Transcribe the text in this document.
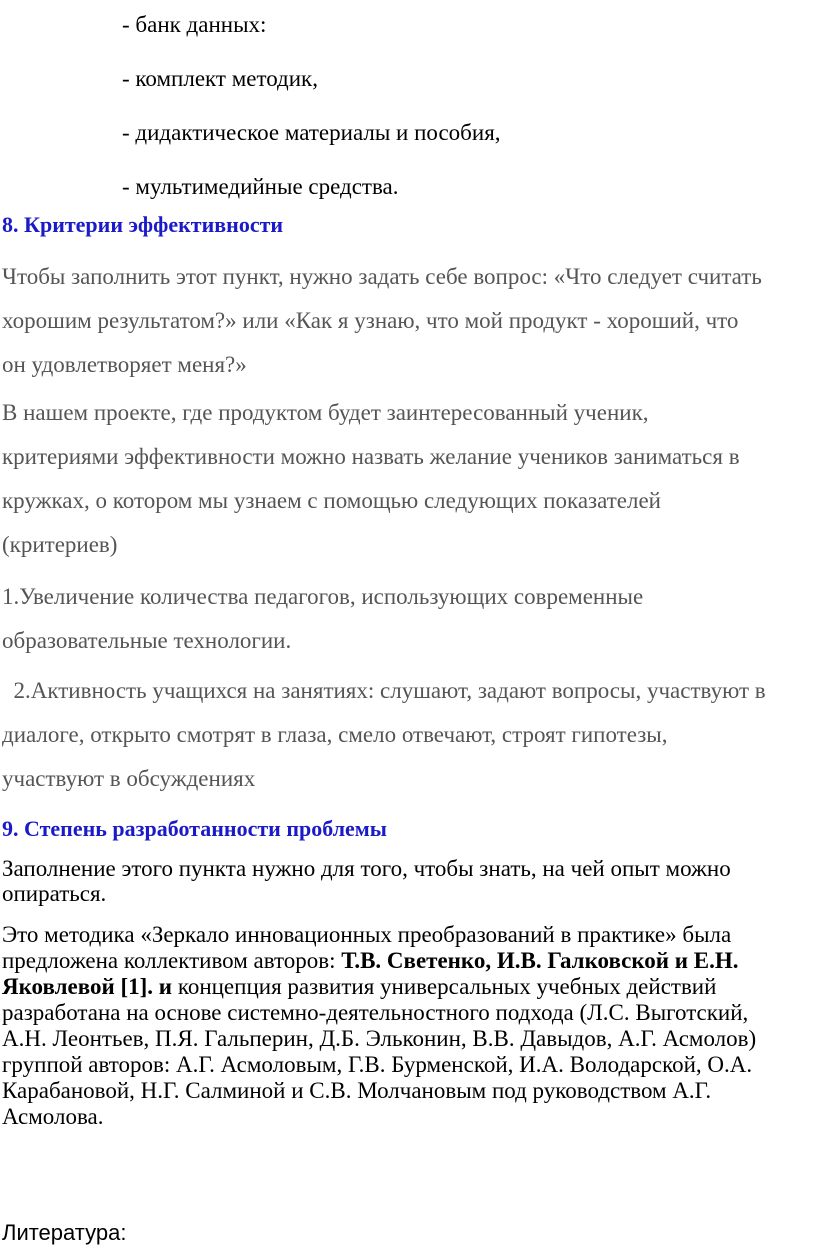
- банк данных:
- комплект методик,
- дидактическое материалы и пособия,
- мультимедийные средства.
8. Критерии эффективности
Чтобы заполнить этот пункт, нужно задать себе вопрос: «Что следует считать
хорошим результатом?» или «Как я узнаю, что мой продукт - хороший, что
он удовлетворяет меня?»
В нашем проекте, где продуктом будет заинтересованный ученик,
критериями эффективности можно назвать желание учеников заниматься в
кружках, о котором мы узнаем с помощью следующих показателей
(критериев)
1.Увеличение количества педагогов, использующих современные
образовательные технологии.
2.Активность учащихся на занятиях: слушают, задают вопросы, участвуют в
диалоге, открыто смотрят в глаза, смело отвечают, строят гипотезы,
участвуют в обсуждениях
9. Степень разработанности проблемы
Заполнение этого пункта нужно для того, чтобы знать, на чей опыт можно
опираться.
Это методика «Зеркало инновационных преобразований в практике» была
предложена коллективом авторов: Т.В. Светенко, И.В. Галковской и Е.Н.
Яковлевой [1]. и концепция развития универсальных учебных действий
разработана на основе системно-деятельностного подхода (Л.С. Выготский,
А.Н. Леонтьев, П.Я. Гальперин, Д.Б. Эльконин, В.В. Давыдов, А.Г. Асмолов)
группой авторов: А.Г. Асмоловым, Г.В. Бурменской, И.А. Володарской, О.А.
Карабановой, Н.Г. Салминой и С.В. Молчановым под руководством А.Г.
Асмолова.
Литература:
